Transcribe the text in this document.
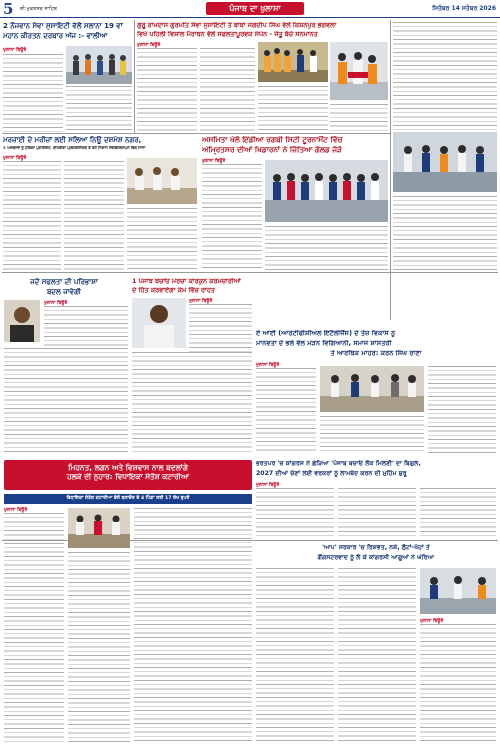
5 ਸ਼ੀ ਮੁਕਤਸਰ ਸਾਹਿਬ	ਪੰਜਾਬ ਦਾ ਖੁਲਾਸਾ	ਸਿਤੰਬਰ 14 ਸਤੰਬਰ 2026
2 ਨੌਜਵਾਨ ਸੇਵਾ ਸੁਸਾਇਟੀ ਵੱਲੋਂ ਸਲਾਨਾ 19 ਵਾਂ
ਮਹਾਨ ਕੀਰਤਨ ਦਰਬਾਰ ਅੱਜ :- ਵਾਲੀਆ
ਖੁਲਾਸਾ ਬਿਊਰੋ
ਗੁਰੂ ਰਾਮਦਾਸ ਗੁਰਮਤਿ ਸੇਵਾ ਸੁਸਾਇਟੀ ਤੇ ਬਾਬਾ ਜਗਦੀਪ ਸਿੰਘ ਵੱਲੋਂ ਕਿਸ਼ਨਪੁਰ ਭਗਵਲਾ
ਵਿਖੇ ਪਹਿਲੀ ਵਿਸ਼ਾਲ ਮੈਰਾਥਨ ਵੱਲੋਂ ਸਫਲਤਾਪੂਰਵਕ ਸੰਪੰਨ - ਜੇਤੂ ਬੱਚੇ ਸਨਮਾਨਤ
ਖੁਲਾਸਾ ਬਿਊਰੋ
ਮਰਜ਼ਾਈ ਦੇ ਮਰੀਜ਼ਾਂ ਲਈ ਸਲਿਆ ਨਿਊ ਦਸ਼ਮੇਸ਼ ਨਗਰ,
3 ਅਜ਼ਬਨਜ਼ ਨੂੰ ਧੋਵਿਗਾ ਪ੍ਰਾਈਵੇਟ, ਬਾਂਹਰੀਵਾ ਪ੍ਰਗਤੀਸ਼ੀਲਕ ਤੇ ਰਹੇ ਨਿਸ਼ਾਨ ਸੇਵੀਬੱਲਰਸਪਨ ਇਕ ਸਾਨਾ
ਖੁਲਾਸਾ ਬਿਊਰੋ
ਅਸਮਿਤਾ ਖੇਲੋ ਇੰਡੀਆ ਰਗਬੀ ਸਿਟੀ ਟੂਰਨਾਮੈਂਟ ਵਿੱਚ
ਅੰਮ੍ਰਿਤਸਰ ਦੀਆਂ ਖਿਡਾਰਨਾਂ ਨੇ ਜਿੱਤਿਆ ਗੋਲਡ ਜੋੜੋ
ਖੁਲਾਸਾ ਬਿਊਰੋ
ਜਦੋਂ ਸਫਲਤਾ ਦੀ ਪਰਿਭਾਸ਼ਾ
ਬਦਲ ਜਾਵੇਗੀ
ਖੁਲਾਸਾ ਬਿਊਰੋ
1 ਪੰਜਾਬ ਬਚਾਓ ਮੋਰਚਾ ਕਾਰਕੁਨ ਕਰਮਚਾਰੀਆਂ
ਦੇ ਹਿੱਤ ਕਰਵਾਏਗਾ ਕੰਮ ਵਿੱਚ ਰਾਹਤ
ਖੁਲਾਸਾ ਬਿਊਰੋ
ਏ ਆਈ (ਆਰਟੀਫੀਸ਼ੀਅਲ ਇੰਟੈਲੀਜੈਂਸ) ਦੇ ਤੇਜ਼ ਵਿਕਾਸ ਨੂੰ
ਮਾਨਵਤਾ ਦੇ ਭਲੇ ਵੱਲ ਮੋੜਨ ਵਿਗਿਆਨੀ, ਸਮਾਜ ਸ਼ਾਸਤਰੀ
ਤੇ ਆਰਥਿਕ ਮਾਹਰ: ਕਰਨ ਸਿੰਘ ਰਾਣਾ
ਖੁਲਾਸਾ ਬਿਊਰੋ
ਮਿਹਨਤ, ਲਗਨ ਅਤੇ ਵਿਸ਼ਵਾਸ ਨਾਲ ਬਦਲਾਂਗੇ
ਹਲਕੇ ਦੀ ਨੁਹਾਰ: ਵਿਧਾਇਕਾ ਸੰਤੋਸ਼ ਕਟਾਰੀਆ
ਵਿਧਾਇਕਾ ਸੰਤੋਸ਼ ਕਟਾਰੀਆ ਵੱਲੋਂ ਬਲਾਚੌਰ ਦੇ 4 ਪਿੰਡਾਂ ਲਈ 17 ਲੱਖ ਰੁਪਏ
ਖੁਲਾਸਾ ਬਿਊਰੋ
ਭਰਤਪਰ 'ਚ ਕਾਂਗਰਸ ਨੇ ਛੇੜਿਆ 'ਪੰਜਾਬ ਬਚਾਓ ਲੋਕ ਮਿਲਣੀ' ਦਾ ਬਿਗੁਲ,
2027 ਦੀਆਂ ਚੋਣਾਂ ਲਈ ਵਰਕਰਾਂ ਨੂੰ ਲਾਮਬੰਦ ਕਰਨ ਦੀ ਮੁਹਿੰਮ ਸ਼ੁਰੂ
ਖੁਲਾਸਾ ਬਿਊਰੋ
'ਆਪ' ਸਰਕਾਰ 'ਚ ਰਿਸ਼ਵਤ, ਨਸ਼ੇ, ਲੁੱਟਾਂ-ਖੋਹਾਂ ਤੇ
ਗੈਂਗਸਟਰਵਾਦ ਨੂੰ ਲੈ ਕੇ ਕਾਂਗਰਸੀ ਆਗੂਆਂ ਨੇ ਘੇਰਿਆ
ਖੁਲਾਸਾ ਬਿਊਰੋ
